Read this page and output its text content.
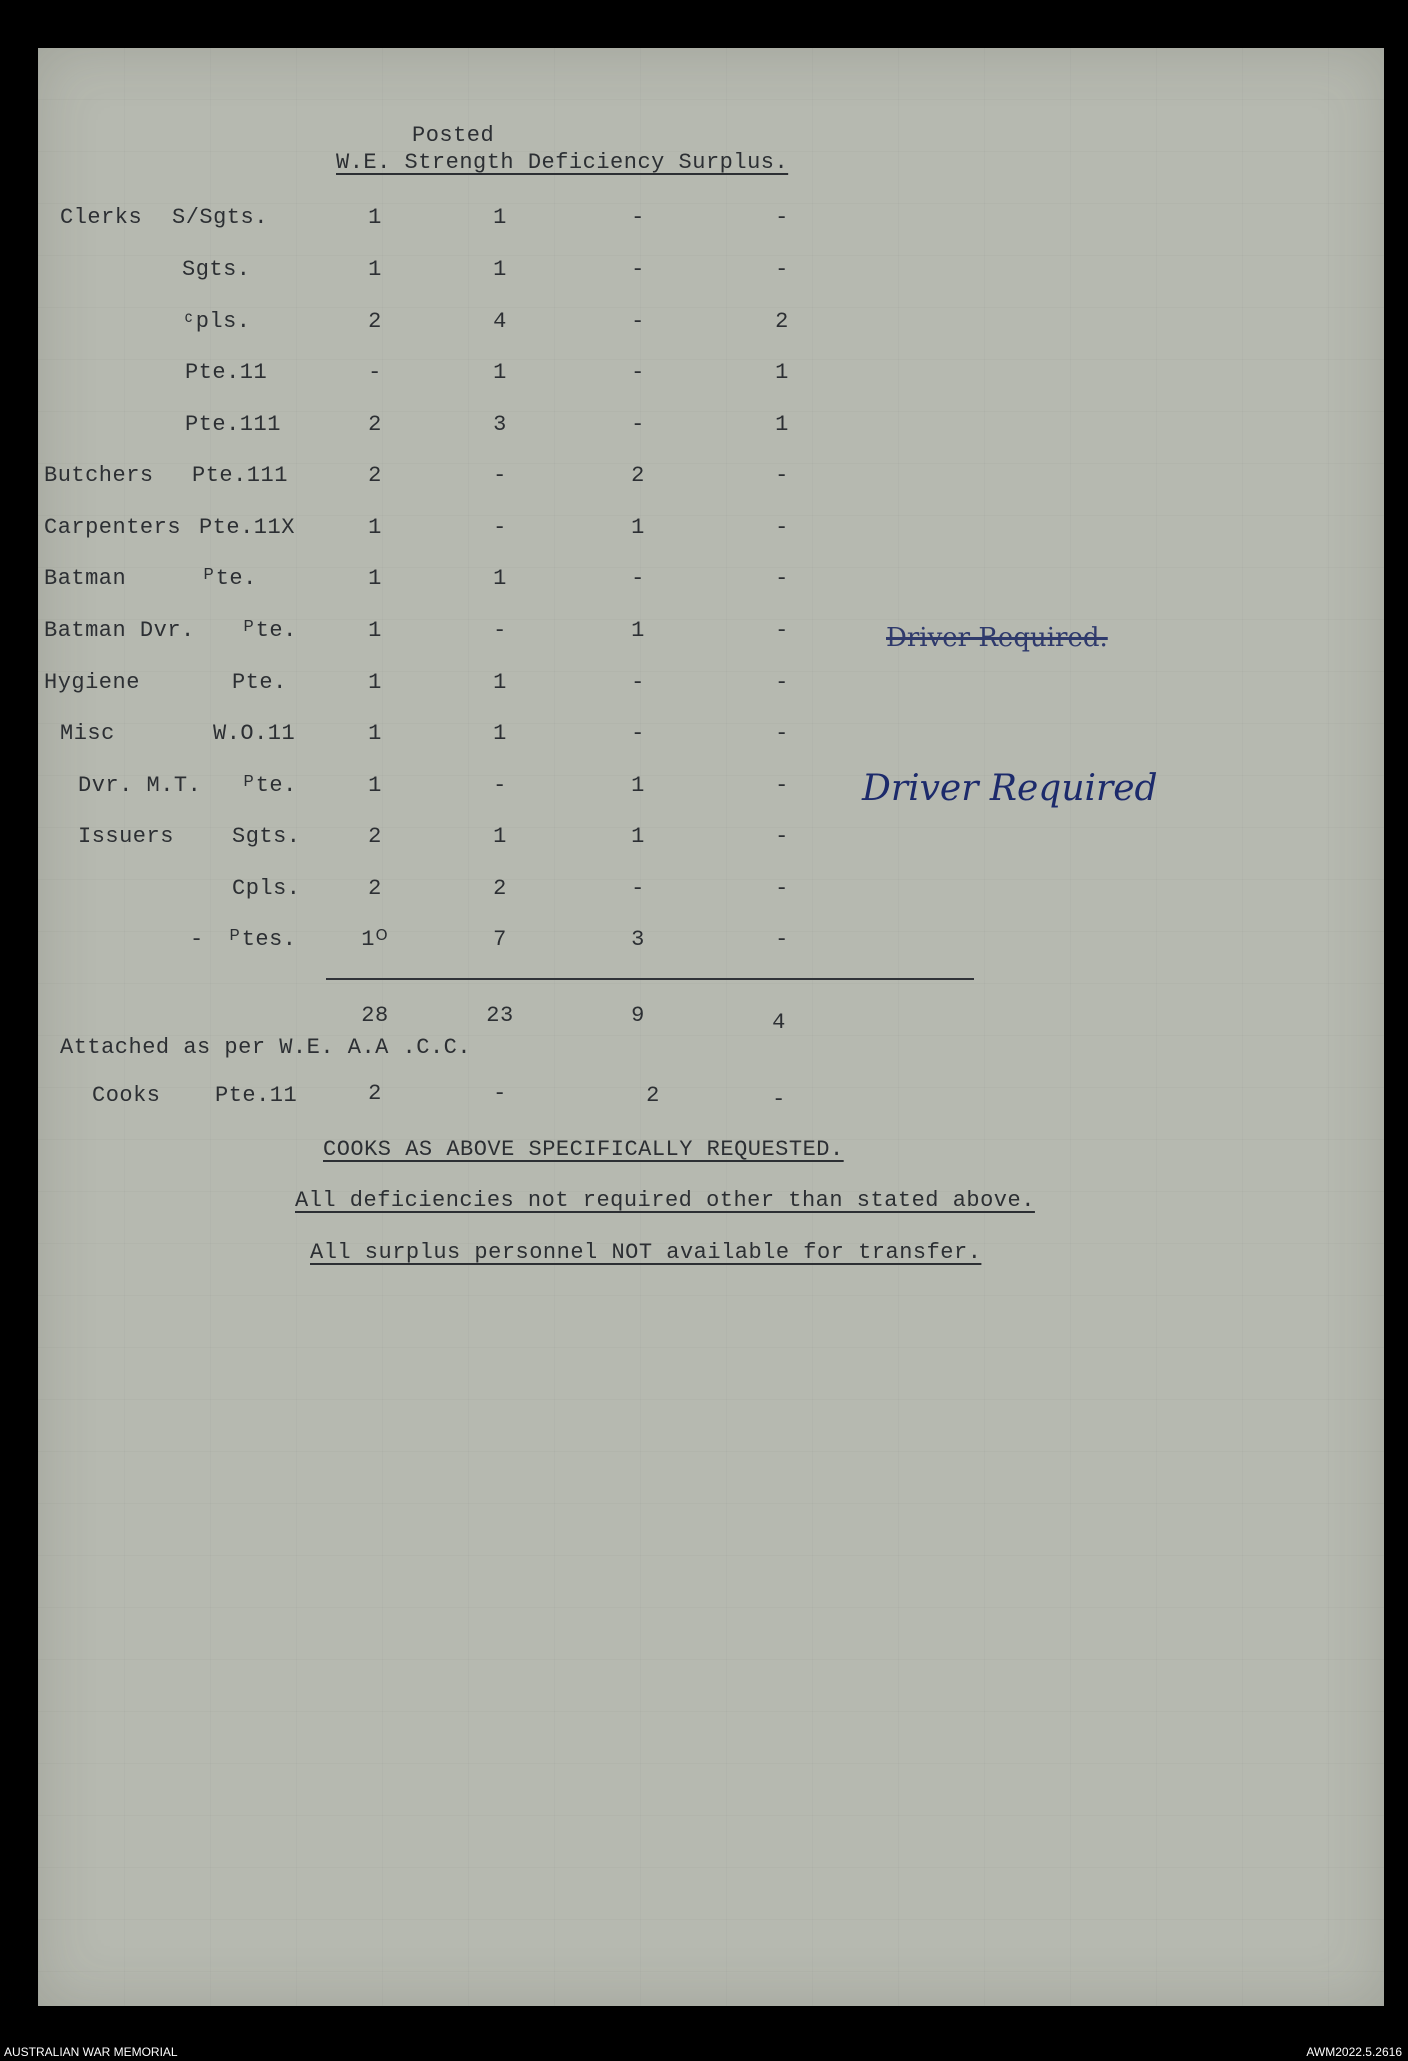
Posted
W.E. Strength Deficiency Surplus.
Clerks S/Sgts.	1	1	-	-
Sgts.	1	1	-	-
ᶜpls.	2	4	-	2
Pte.11	-	1	-	1
Pte.111	2	3	-	1
Butchers Pte.111	2	-	2	-
Carpenters Pte.11X	1	-	1	-
Batman	ᴾte.	1	1	-	-
Batman Dvr. ᴾte.	1	-	1	-
Hygiene	Pte.	1	1	-	-
Misc	W.O.11	1	1	-	-
Dvr. M.T. ᴾte.	1	-	1	-
Issuers	Sgts.	2	1	1	-
Cpls.	2	2	-	-
- ᴾtes.	1ᴼ	7	3	-
28	23	9	4
Attached as per W.E. A.A .C.C.
Cooks Pte.11	2	-	2	-
COOKS AS ABOVE SPECIFICALLY REQUESTED.
All deficiencies not required other than stated above.
All surplus personnel NOT available for transfer.
Driver Required.
Driver Required
AUSTRALIAN WAR MEMORIAL	AWM2022.5.2616
